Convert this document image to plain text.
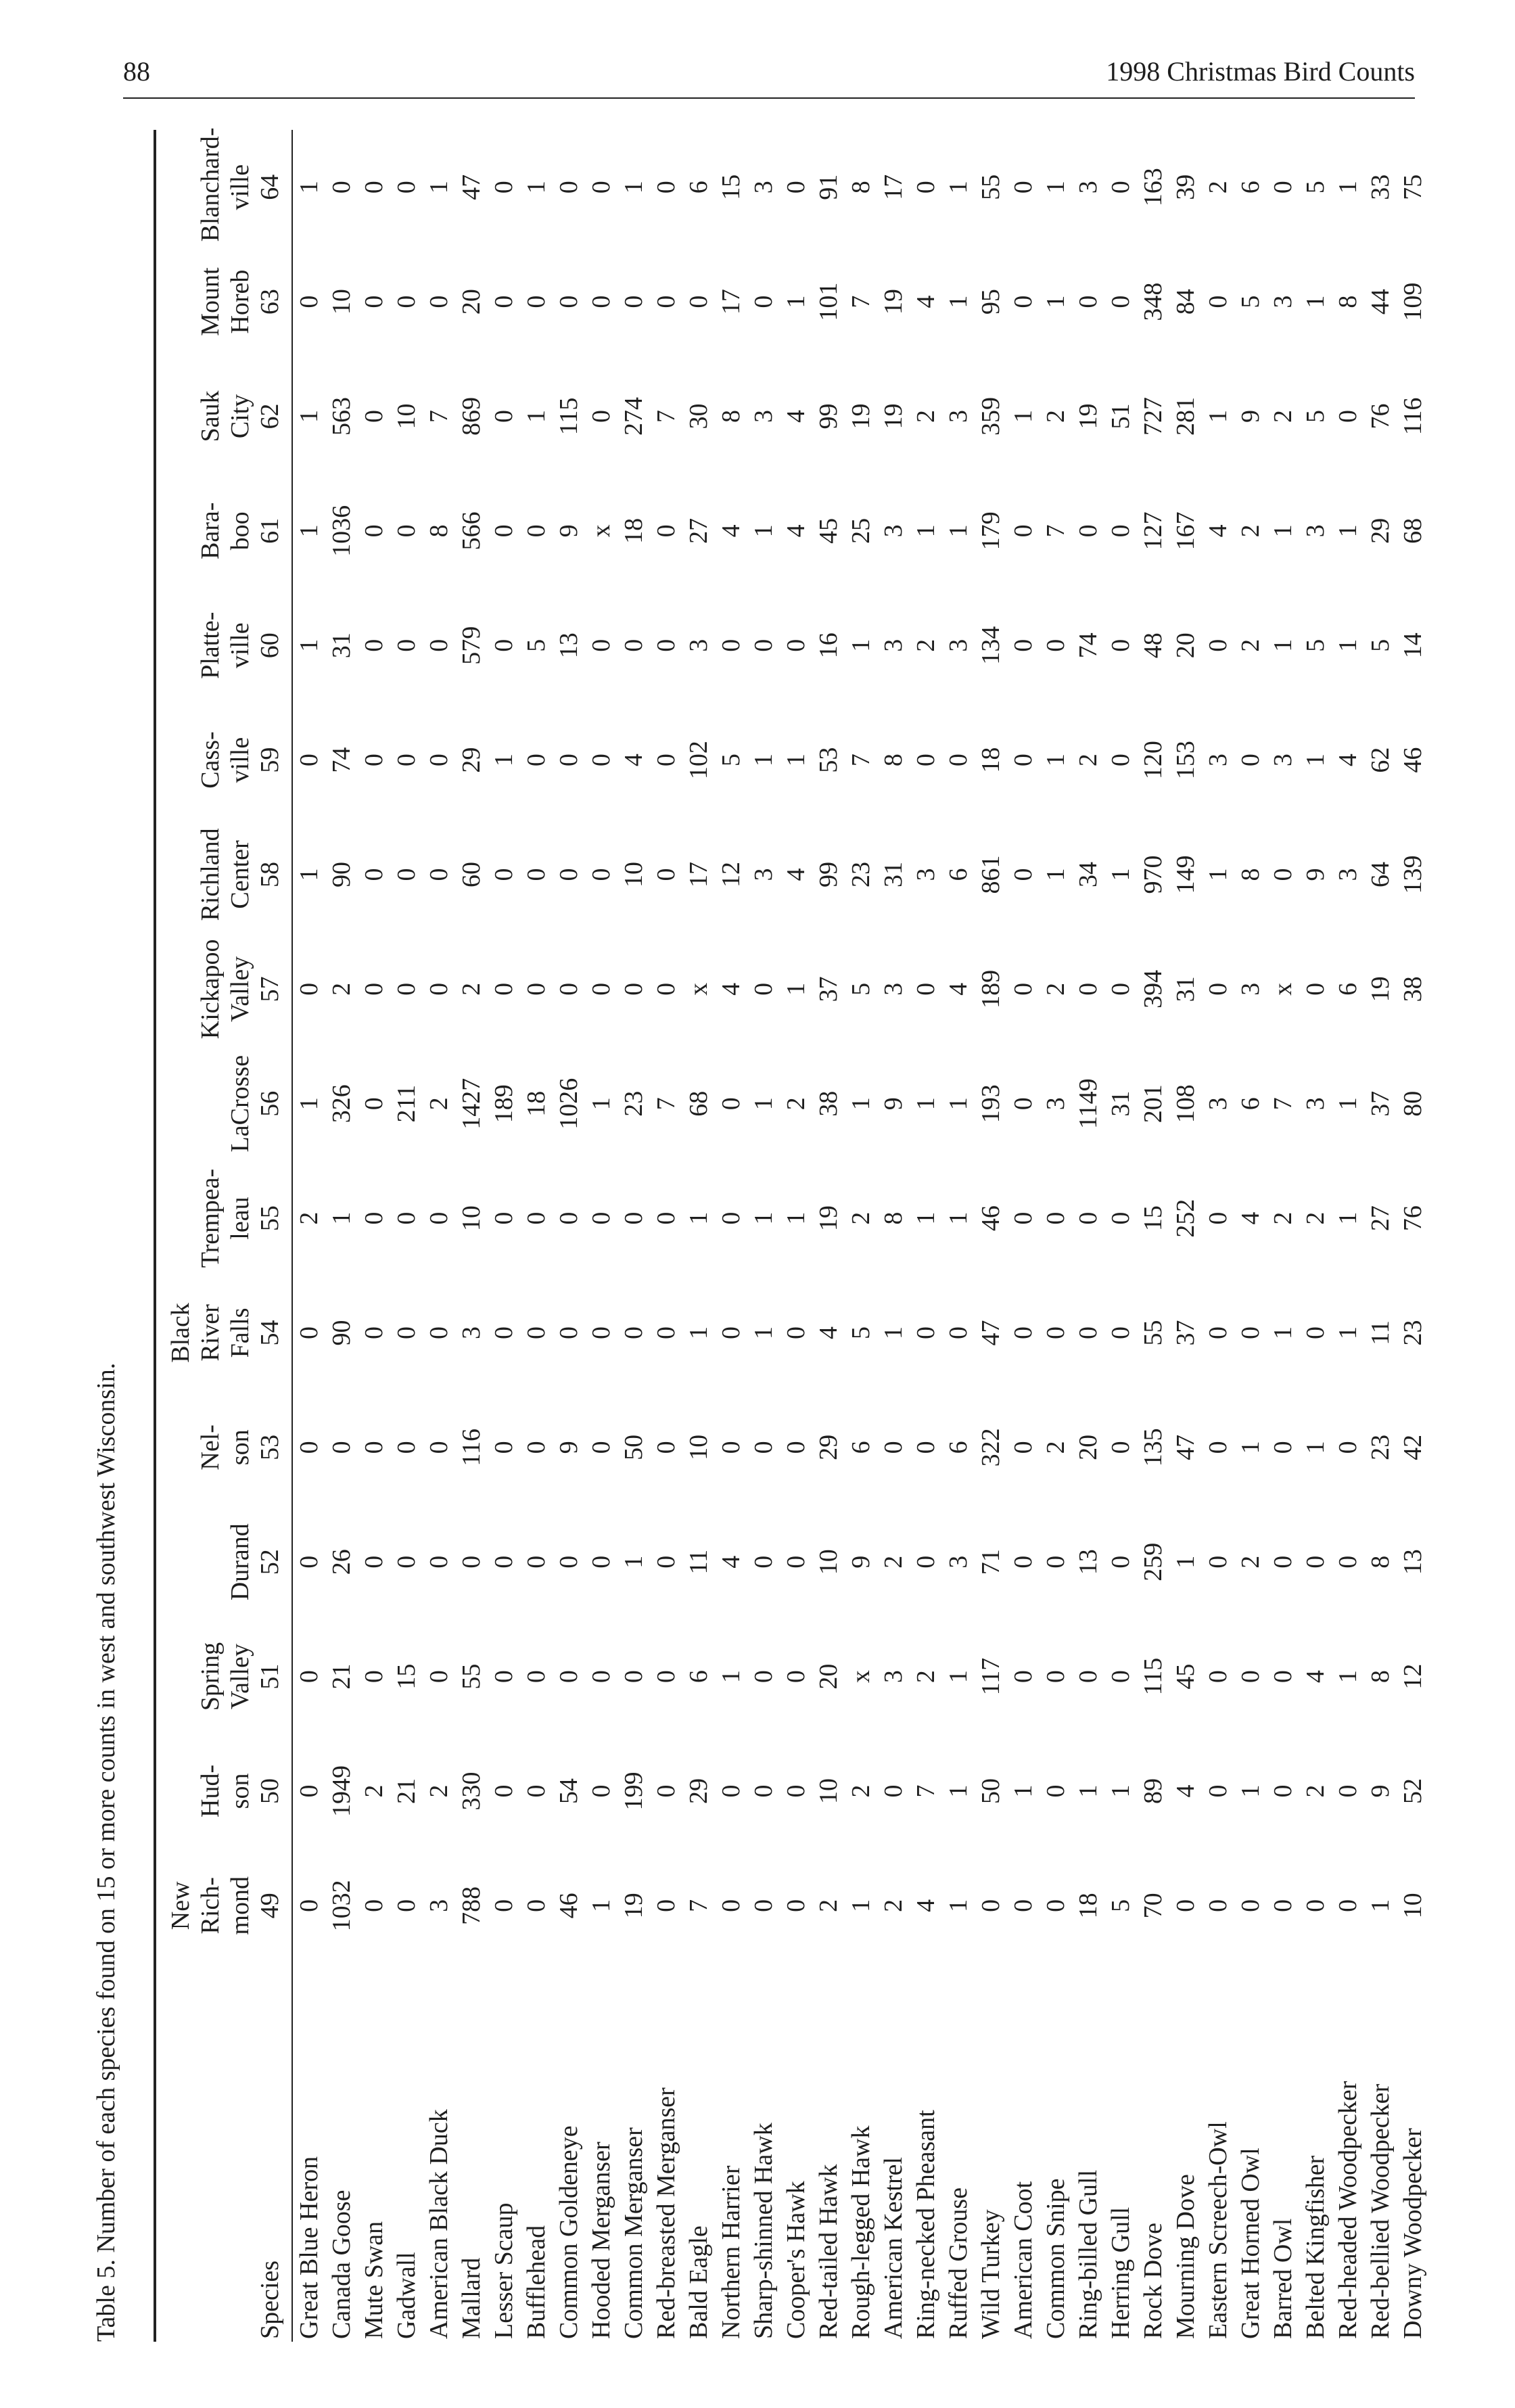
88	1998 Christmas Bird Counts
Table 5. Number of each species found on 15 or more counts in west and southwest Wisconsin.	Species	New Rich- mond 49	Hud- son 50	Spring Valley 51	Durand 52	Nel- son 53	Black River Falls 54	Trempea- leau 55	LaCrosse 56	Kickapoo Valley 57	Richland Center 58	Cass- ville 59	Platte- ville 60	Bara- boo 61	Sauk City 62	Mount Horeb 63	Blanchard- ville 64

Great Blue Heron	0	0	0	0	0	0	2	1	0	1	0	1	1	1	0	1
Canada Goose	1032	1949	21	26	0	90	1	326	2	90	74	31	1036	563	10	0
Mute Swan	0	2	0	0	0	0	0	0	0	0	0	0	0	0	0	0
Gadwall	0	21	15	0	0	0	0	211	0	0	0	0	0	10	0	0
American Black Duck	3	2	0	0	0	0	0	2	0	0	0	0	8	7	0	1
Mallard	788	330	55	0	116	3	10	1427	2	60	29	579	566	869	20	47
Lesser Scaup	0	0	0	0	0	0	0	189	0	0	1	0	0	0	0	0
Bufflehead	0	0	0	0	0	0	0	18	0	0	0	5	0	1	0	1
Common Goldeneye	46	54	0	0	9	0	0	1026	0	0	0	13	9	115	0	0
Hooded Merganser	1	0	0	0	0	0	0	1	0	0	0	0	x	0	0	0
Common Merganser	19	199	0	1	50	0	0	23	0	10	4	0	18	274	0	1
Red-breasted Merganser	0	0	0	0	0	0	0	7	0	0	0	0	0	7	0	0
Bald Eagle	7	29	6	11	10	1	1	68	x	17	102	3	27	30	0	6
Northern Harrier	0	0	1	4	0	0	0	0	4	12	5	0	4	8	17	15
Sharp-shinned Hawk	0	0	0	0	0	1	1	1	0	3	1	0	1	3	0	3
Cooper's Hawk	0	0	0	0	0	0	1	2	1	4	1	0	4	4	1	0
Red-tailed Hawk	2	10	20	10	29	4	19	38	37	99	53	16	45	99	101	91
Rough-legged Hawk	1	2	x	9	6	5	2	1	5	23	7	1	25	19	7	8
American Kestrel	2	0	3	2	0	1	8	9	3	31	8	3	3	19	19	17
Ring-necked Pheasant	4	7	2	0	0	0	1	1	0	3	0	2	1	2	4	0
Ruffed Grouse	1	1	1	3	6	0	1	1	4	6	0	3	1	3	1	1
Wild Turkey	0	50	117	71	322	47	46	193	189	861	18	134	179	359	95	55
American Coot	0	1	0	0	0	0	0	0	0	0	0	0	0	1	0	0
Common Snipe	0	0	0	0	2	0	0	3	2	1	1	0	7	2	1	1
Ring-billed Gull	18	1	0	13	20	0	0	1149	0	34	2	74	0	19	0	3
Herring Gull	5	1	0	0	0	0	0	31	0	1	0	0	0	51	0	0
Rock Dove	70	89	115	259	135	55	15	201	394	970	120	48	127	727	348	163
Mourning Dove	0	4	45	1	47	37	252	108	31	149	153	20	167	281	84	39
Eastern Screech-Owl	0	0	0	0	0	0	0	3	0	1	3	0	4	1	0	2
Great Horned Owl	0	1	0	2	1	0	4	6	3	8	0	2	2	9	5	6
Barred Owl	0	0	0	0	0	1	2	7	x	0	3	1	1	2	3	0
Belted Kingfisher	0	2	4	0	1	0	2	3	0	9	1	5	3	5	1	5
Red-headed Woodpecker	0	0	1	0	0	1	1	1	6	3	4	1	1	0	8	1
Red-bellied Woodpecker	1	9	8	8	23	11	27	37	19	64	62	5	29	76	44	33
Downy Woodpecker	10	52	12	13	42	23	76	80	38	139	46	14	68	116	109	75
